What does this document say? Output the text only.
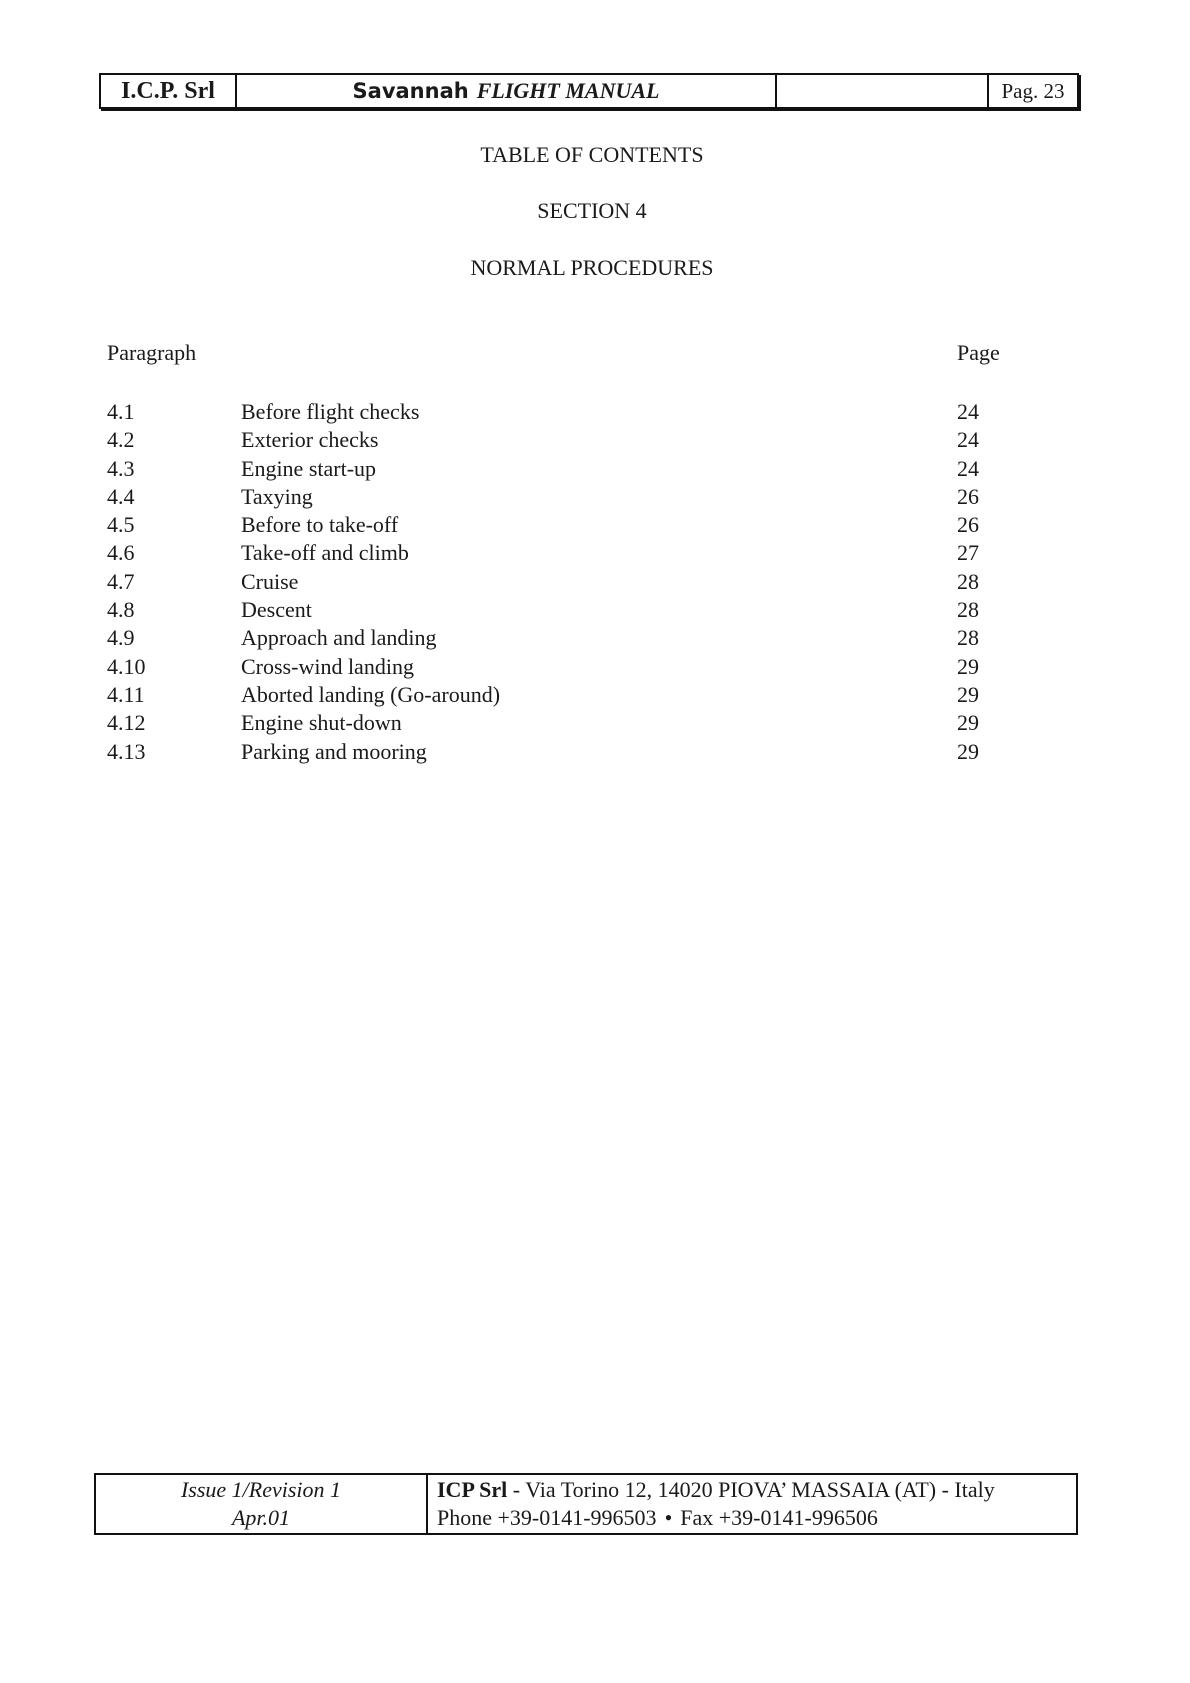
I.C.P. Srl	Savannah FLIGHT MANUAL	Pag. 23
TABLE OF CONTENTS
SECTION 4
NORMAL PROCEDURES
Paragraph	Page
4.1	Before flight checks	24
4.2	Exterior checks	24
4.3	Engine start-up	24
4.4	Taxying	26
4.5	Before to take-off	26
4.6	Take-off and climb	27
4.7	Cruise	28
4.8	Descent	28
4.9	Approach and landing	28
4.10	Cross-wind landing	29
4.11	Aborted landing (Go-around)	29
4.12	Engine shut-down	29
4.13	Parking and mooring	29
Issue 1/Revision 1
Apr.01
ICP Srl - Via Torino 12, 14020 PIOVA’ MASSAIA (AT) - Italy
Phone +39-0141-996503 • Fax +39-0141-996506
